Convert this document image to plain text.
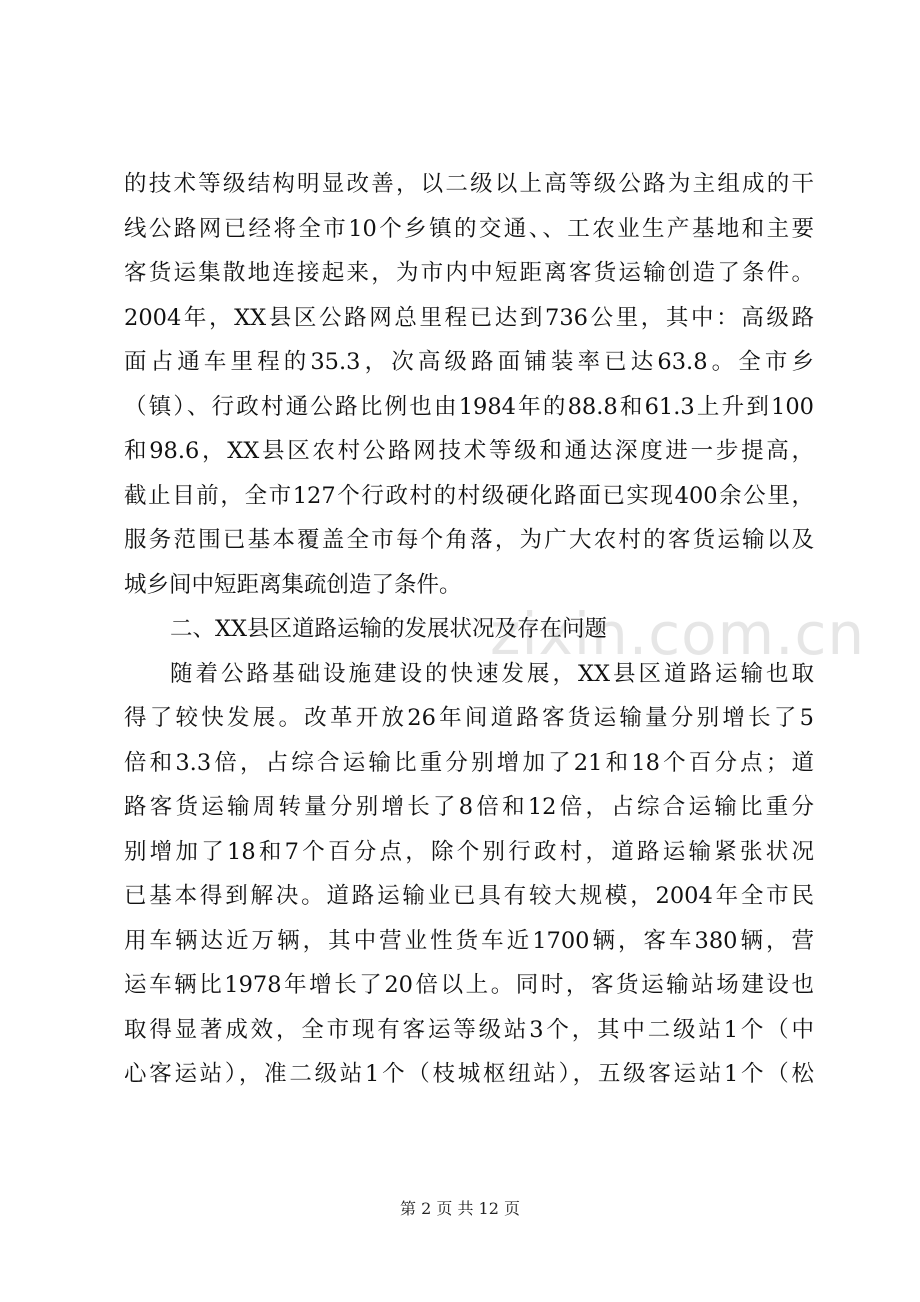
zixin.com.cn
的技术等级结构明显改善，以二级以上高等级公路为主组成的干
线公路网已经将全市10个乡镇的交通、、工农业生产基地和主要
客货运集散地连接起来，为市内中短距离客货运输创造了条件。
2004年，XX县区公路网总里程已达到736公里，其中：高级路
面占通车里程的35.3，次高级路面铺装率已达63.8。全市乡
（镇）、行政村通公路比例也由1984年的88.8和61.3上升到100
和98.6，XX县区农村公路网技术等级和通达深度进一步提高，
截止目前，全市127个行政村的村级硬化路面已实现400余公里，
服务范围已基本覆盖全市每个角落，为广大农村的客货运输以及
城乡间中短距离集疏创造了条件。
二、XX县区道路运输的发展状况及存在问题
随着公路基础设施建设的快速发展，XX县区道路运输也取
得了较快发展。改革开放26年间道路客货运输量分别增长了5
倍和3.3倍，占综合运输比重分别增加了21和18个百分点；道
路客货运输周转量分别增长了8倍和12倍，占综合运输比重分
别增加了18和7个百分点，除个别行政村，道路运输紧张状况
已基本得到解决。道路运输业已具有较大规模，2004年全市民
用车辆达近万辆，其中营业性货车近1700辆，客车380辆，营
运车辆比1978年增长了20倍以上。同时，客货运输站场建设也
取得显著成效，全市现有客运等级站3个，其中二级站1个（中
心客运站），准二级站1个（枝城枢纽站），五级客运站1个（松
第 2 页 共 12 页
